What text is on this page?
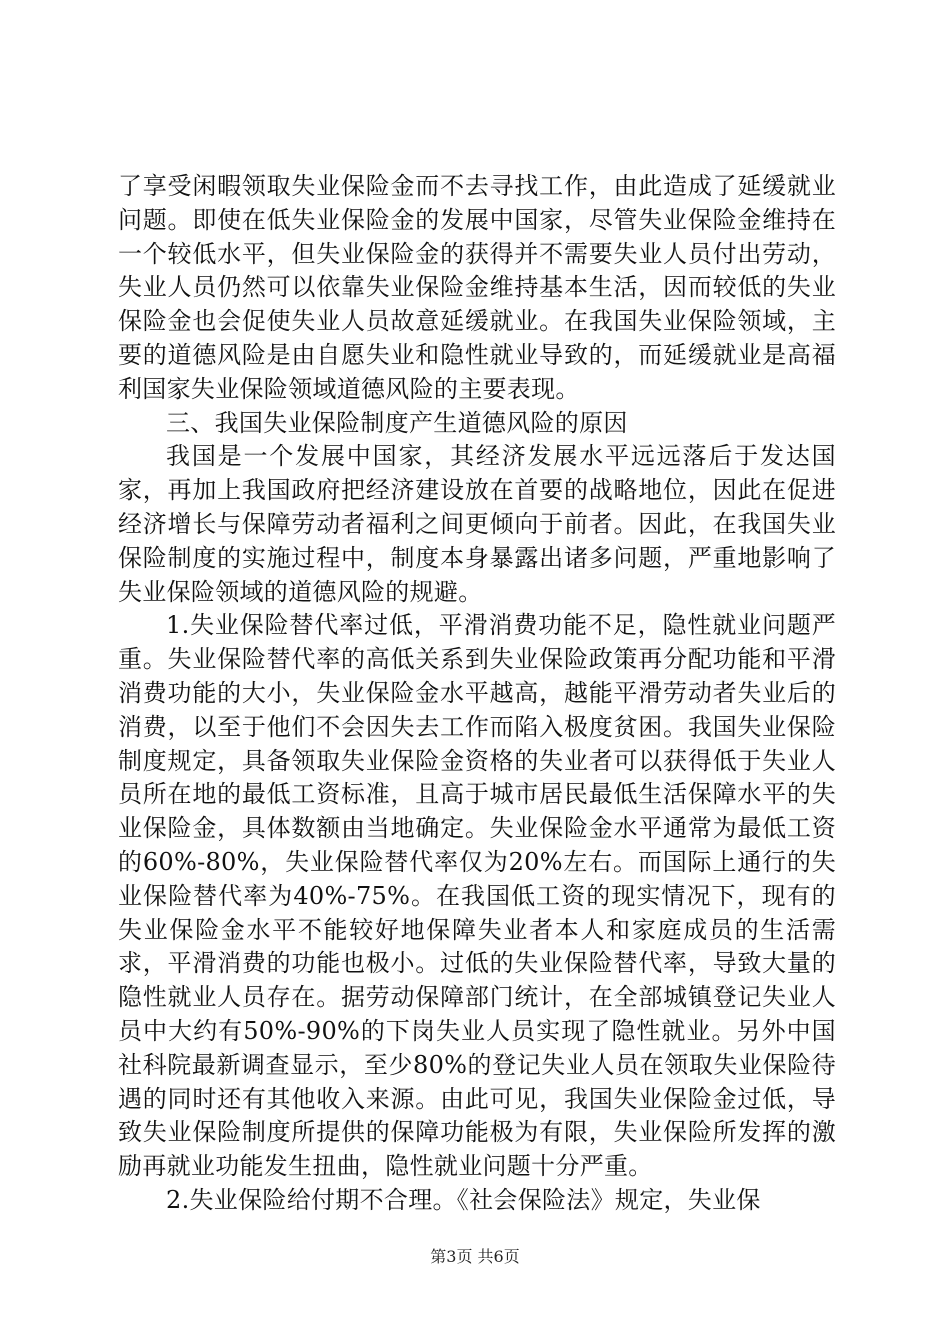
了享受闲暇领取失业保险金而不去寻找工作，由此造成了延缓就业问题。即使在低失业保险金的发展中国家，尽管失业保险金维持在一个较低水平，但失业保险金的获得并不需要失业人员付出劳动，失业人员仍然可以依靠失业保险金维持基本生活，因而较低的失业保险金也会促使失业人员故意延缓就业。在我国失业保险领域，主要的道德风险是由自愿失业和隐性就业导致的，而延缓就业是高福利国家失业保险领域道德风险的主要表现。

三、我国失业保险制度产生道德风险的原因

我国是一个发展中国家，其经济发展水平远远落后于发达国家，再加上我国政府把经济建设放在首要的战略地位，因此在促进经济增长与保障劳动者福利之间更倾向于前者。因此，在我国失业保险制度的实施过程中，制度本身暴露出诸多问题，严重地影响了失业保险领域的道德风险的规避。

1.失业保险替代率过低，平滑消费功能不足，隐性就业问题严重。失业保险替代率的高低关系到失业保险政策再分配功能和平滑消费功能的大小，失业保险金水平越高，越能平滑劳动者失业后的消费，以至于他们不会因失去工作而陷入极度贫困。我国失业保险制度规定，具备领取失业保险金资格的失业者可以获得低于失业人员所在地的最低工资标准，且高于城市居民最低生活保障水平的失业保险金，具体数额由当地确定。失业保险金水平通常为最低工资的60%-80%，失业保险替代率仅为20%左右。而国际上通行的失业保险替代率为40%-75%。在我国低工资的现实情况下，现有的失业保险金水平不能较好地保障失业者本人和家庭成员的生活需求，平滑消费的功能也极小。过低的失业保险替代率，导致大量的隐性就业人员存在。据劳动保障部门统计，在全部城镇登记失业人员中大约有50%-90%的下岗失业人员实现了隐性就业。另外中国社科院最新调查显示，至少80%的登记失业人员在领取失业保险待遇的同时还有其他收入来源。由此可见，我国失业保险金过低，导致失业保险制度所提供的保障功能极为有限，失业保险所发挥的激励再就业功能发生扭曲，隐性就业问题十分严重。

2.失业保险给付期不合理。《社会保险法》规定，失业保

第3页 共6页
